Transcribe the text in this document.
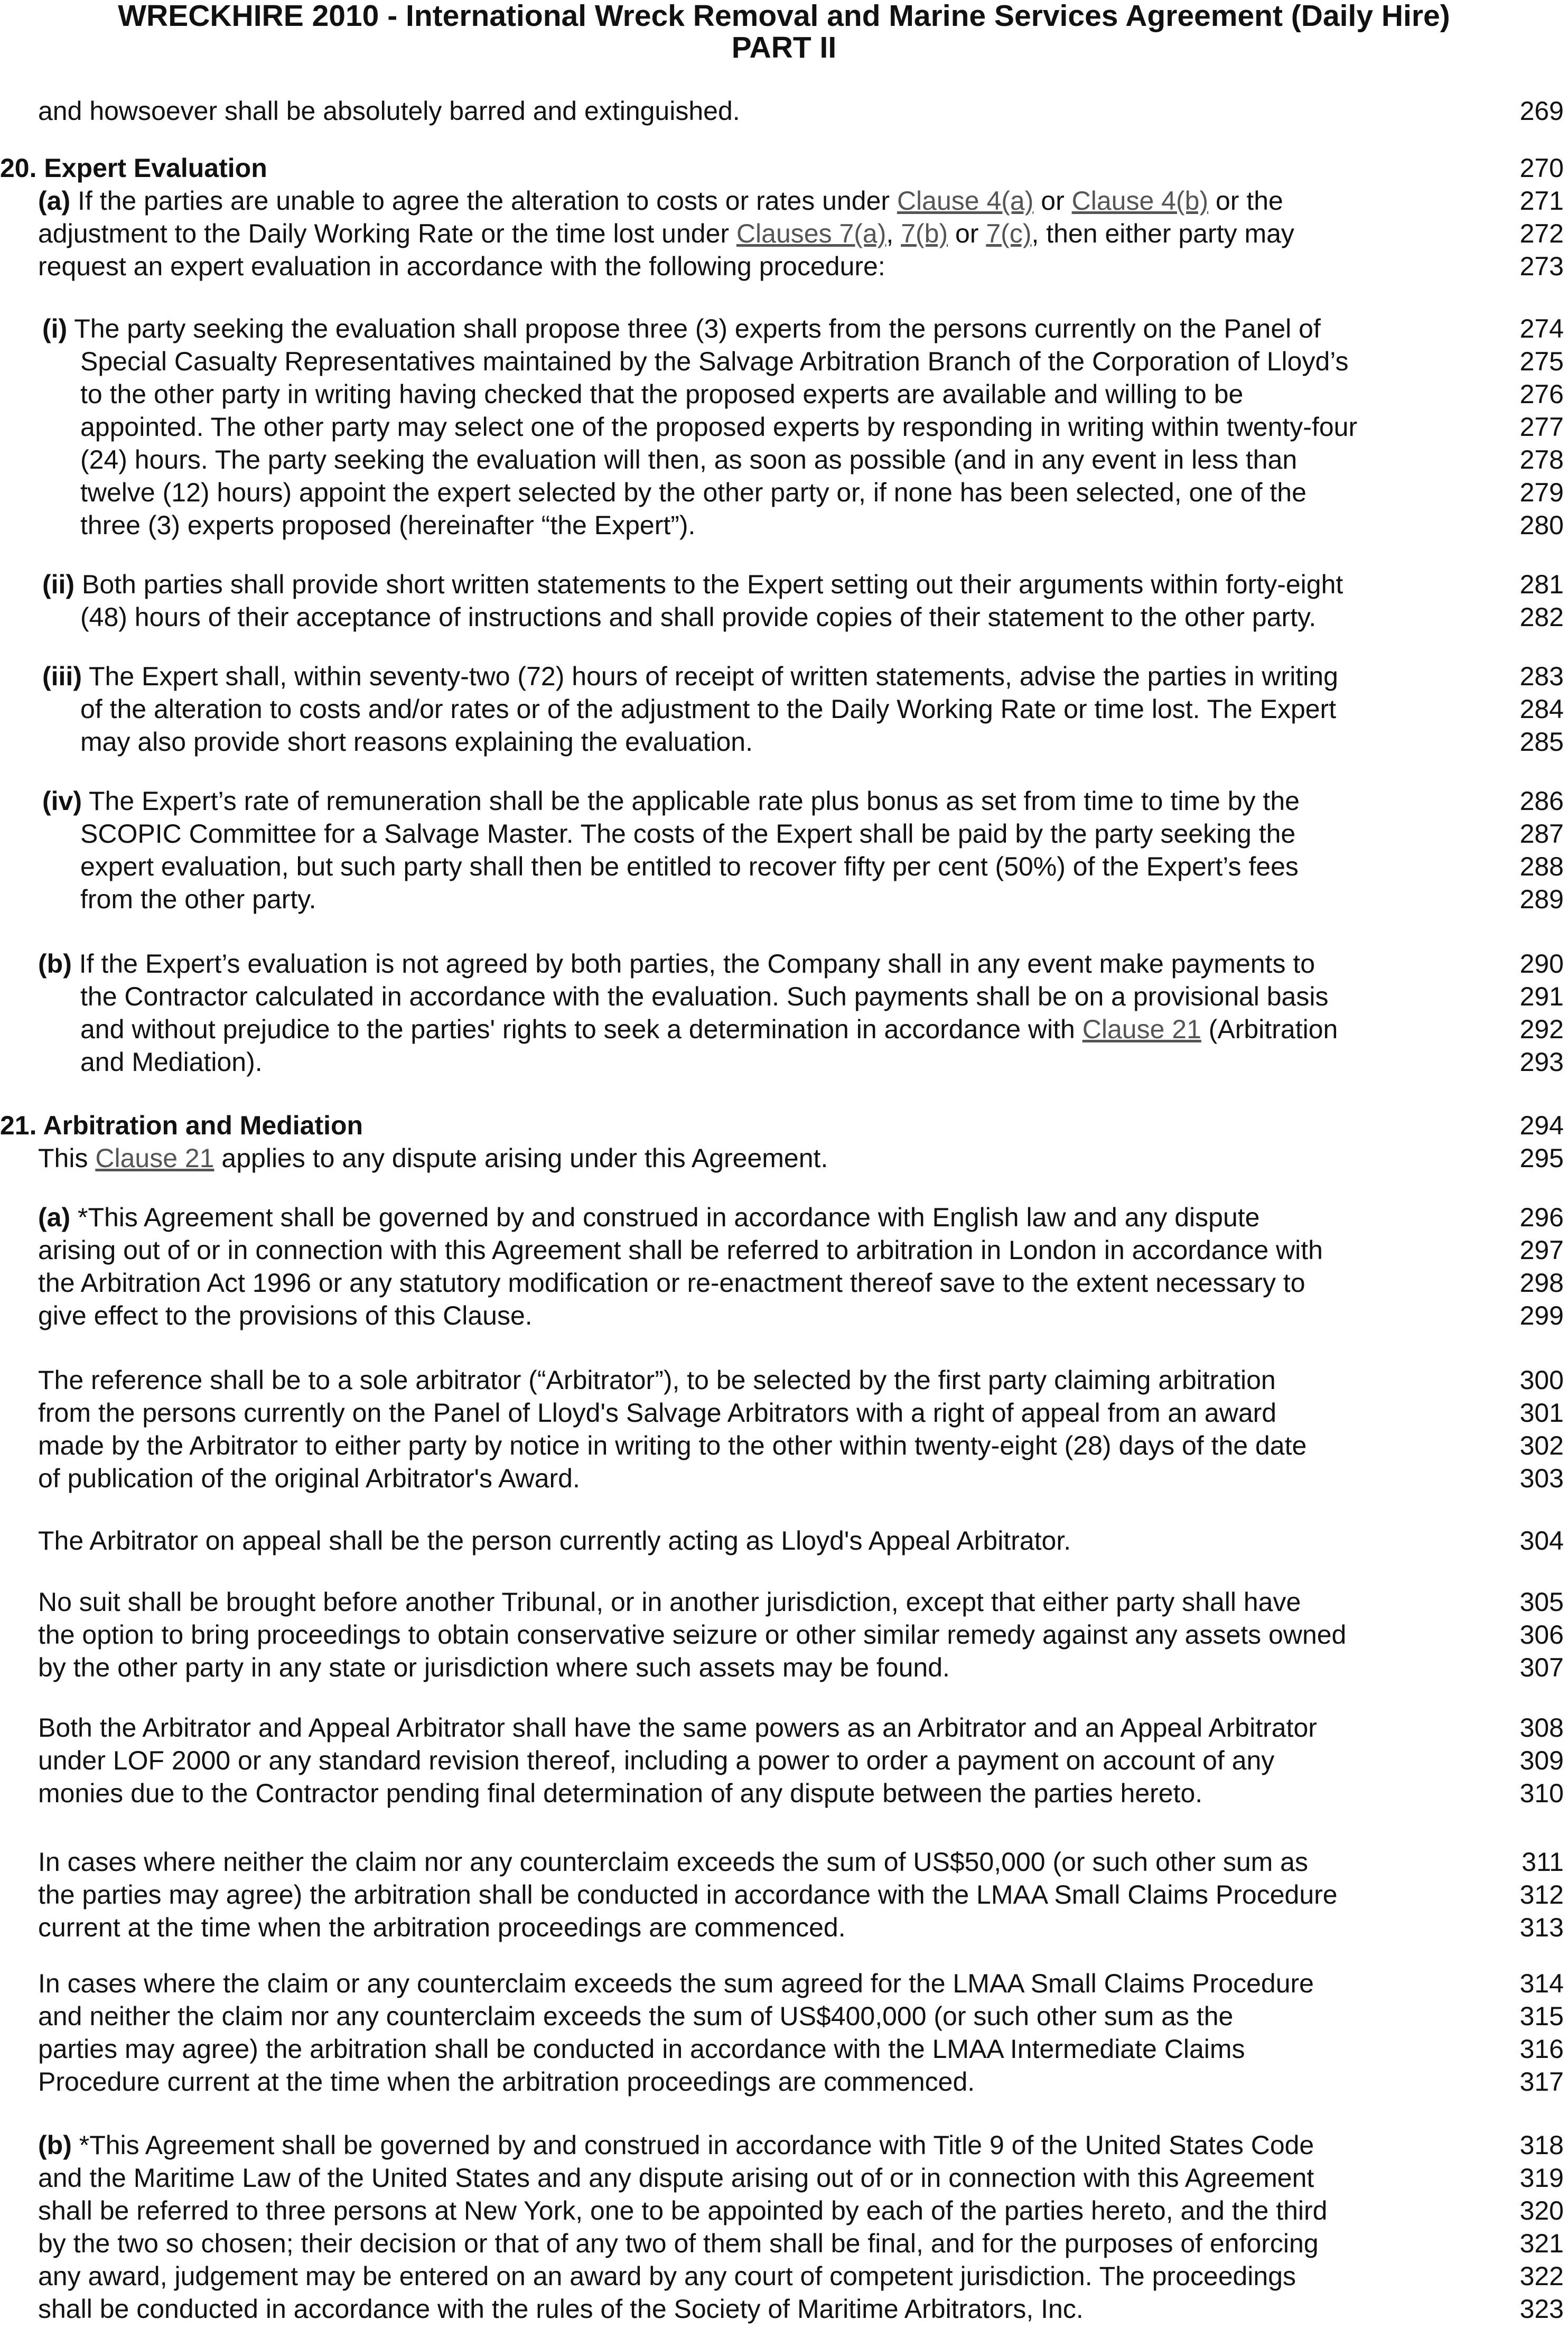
WRECKHIRE 2010 - International Wreck Removal and Marine Services Agreement (Daily Hire)
PART II
and howsoever shall be absolutely barred and extinguished.	269
20. Expert Evaluation	270
(a) If the parties are unable to agree the alteration to costs or rates under Clause 4(a) or Clause 4(b) or the	271
adjustment to the Daily Working Rate or the time lost under Clauses 7(a), 7(b) or 7(c), then either party may	272
request an expert evaluation in accordance with the following procedure:	273
(i) The party seeking the evaluation shall propose three (3) experts from the persons currently on the Panel of	274
Special Casualty Representatives maintained by the Salvage Arbitration Branch of the Corporation of Lloyd’s	275
to the other party in writing having checked that the proposed experts are available and willing to be	276
appointed. The other party may select one of the proposed experts by responding in writing within twenty-four	277
(24) hours. The party seeking the evaluation will then, as soon as possible (and in any event in less than	278
twelve (12) hours) appoint the expert selected by the other party or, if none has been selected, one of the	279
three (3) experts proposed (hereinafter “the Expert”).	280
(ii) Both parties shall provide short written statements to the Expert setting out their arguments within forty-eight	281
(48) hours of their acceptance of instructions and shall provide copies of their statement to the other party.	282
(iii) The Expert shall, within seventy-two (72) hours of receipt of written statements, advise the parties in writing	283
of the alteration to costs and/or rates or of the adjustment to the Daily Working Rate or time lost. The Expert	284
may also provide short reasons explaining the evaluation.	285
(iv) The Expert’s rate of remuneration shall be the applicable rate plus bonus as set from time to time by the	286
SCOPIC Committee for a Salvage Master. The costs of the Expert shall be paid by the party seeking the	287
expert evaluation, but such party shall then be entitled to recover fifty per cent (50%) of the Expert’s fees	288
from the other party.	289
(b) If the Expert’s evaluation is not agreed by both parties, the Company shall in any event make payments to	290
the Contractor calculated in accordance with the evaluation. Such payments shall be on a provisional basis	291
and without prejudice to the parties' rights to seek a determination in accordance with Clause 21 (Arbitration	292
and Mediation).	293
21. Arbitration and Mediation	294
This Clause 21 applies to any dispute arising under this Agreement.	295
(a) *This Agreement shall be governed by and construed in accordance with English law and any dispute	296
arising out of or in connection with this Agreement shall be referred to arbitration in London in accordance with	297
the Arbitration Act 1996 or any statutory modification or re-enactment thereof save to the extent necessary to	298
give effect to the provisions of this Clause.	299
The reference shall be to a sole arbitrator (“Arbitrator”), to be selected by the first party claiming arbitration	300
from the persons currently on the Panel of Lloyd's Salvage Arbitrators with a right of appeal from an award	301
made by the Arbitrator to either party by notice in writing to the other within twenty-eight (28) days of the date	302
of publication of the original Arbitrator's Award.	303
The Arbitrator on appeal shall be the person currently acting as Lloyd's Appeal Arbitrator.	304
No suit shall be brought before another Tribunal, or in another jurisdiction, except that either party shall have	305
the option to bring proceedings to obtain conservative seizure or other similar remedy against any assets owned	306
by the other party in any state or jurisdiction where such assets may be found.	307
Both the Arbitrator and Appeal Arbitrator shall have the same powers as an Arbitrator and an Appeal Arbitrator	308
under LOF 2000 or any standard revision thereof, including a power to order a payment on account of any	309
monies due to the Contractor pending final determination of any dispute between the parties hereto.	310
In cases where neither the claim nor any counterclaim exceeds the sum of US$50,000 (or such other sum as	311
the parties may agree) the arbitration shall be conducted in accordance with the LMAA Small Claims Procedure	312
current at the time when the arbitration proceedings are commenced.	313
In cases where the claim or any counterclaim exceeds the sum agreed for the LMAA Small Claims Procedure	314
and neither the claim nor any counterclaim exceeds the sum of US$400,000 (or such other sum as the	315
parties may agree) the arbitration shall be conducted in accordance with the LMAA Intermediate Claims	316
Procedure current at the time when the arbitration proceedings are commenced.	317
(b) *This Agreement shall be governed by and construed in accordance with Title 9 of the United States Code	318
and the Maritime Law of the United States and any dispute arising out of or in connection with this Agreement	319
shall be referred to three persons at New York, one to be appointed by each of the parties hereto, and the third	320
by the two so chosen; their decision or that of any two of them shall be final, and for the purposes of enforcing	321
any award, judgement may be entered on an award by any court of competent jurisdiction. The proceedings	322
shall be conducted in accordance with the rules of the Society of Maritime Arbitrators, Inc.	323
